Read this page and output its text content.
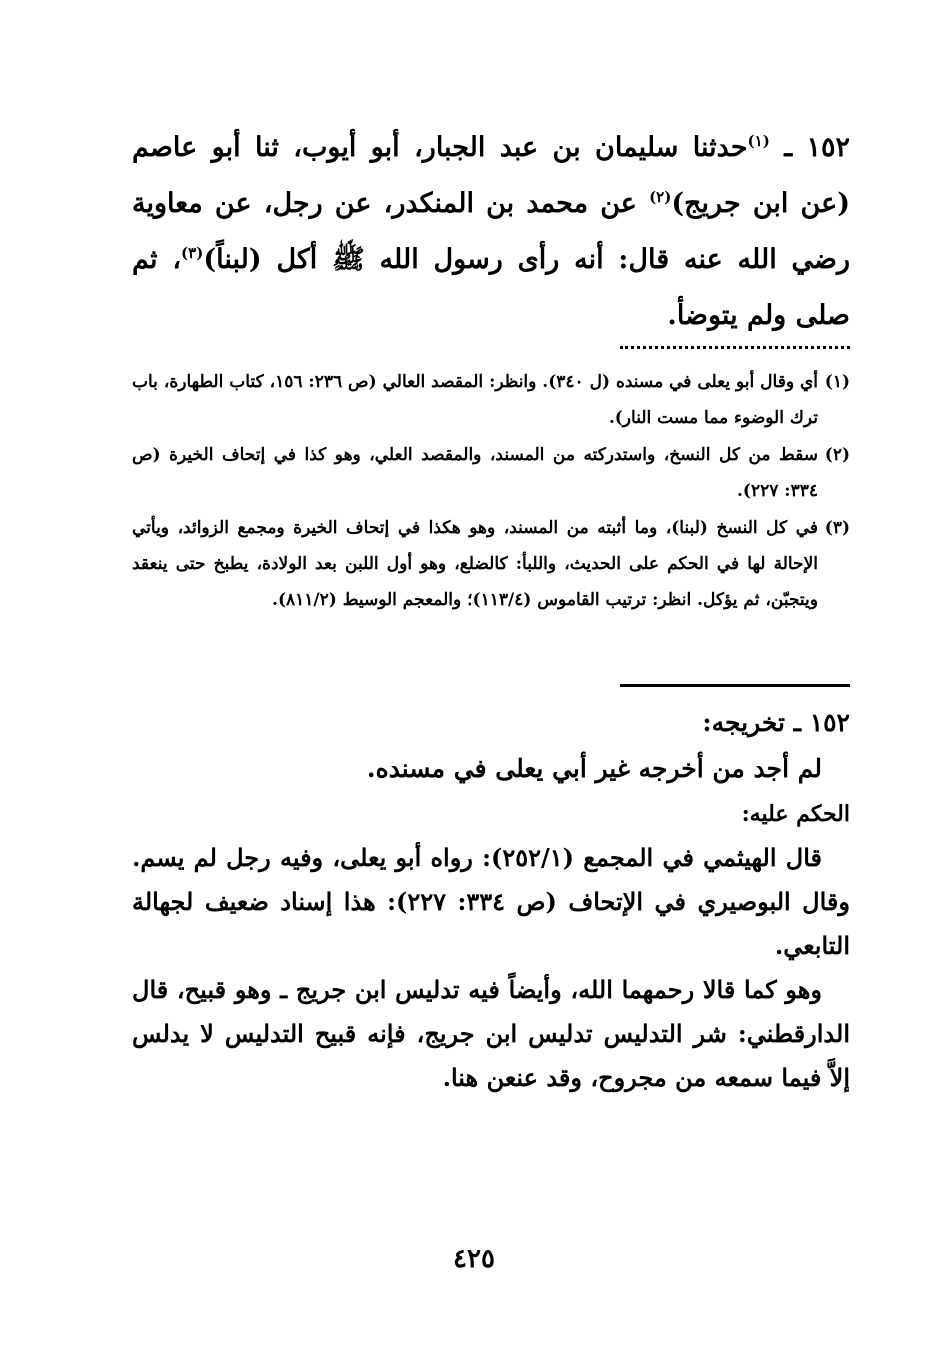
١٥٢ ـ $^{(١)}$حدثنا سليمان بن عبد الجبار، أبو أيوب، ثنا أبو عاصم (عن ابن جريج)$^{(٢)}$ عن محمد بن المنكدر، عن رجل، عن معاوية رضي الله عنه قال: أنه رأى رسول الله ﷺ أكل (لبناً)$^{(٣)}$، ثم صلى ولم يتوضأ.

(١)
أي وقال أبو يعلى في مسنده (ل ٣٤٠). وانظر: المقصد العالي (ص ٢٣٦: ١٥٦، كتاب الطهارة، باب ترك الوضوء مما مست النار).
(٢)
سقط من كل النسخ، واستدركته من المسند، والمقصد العلي، وهو كذا في إتحاف الخيرة (ص ٣٣٤: ٢٢٧).
(٣)
في كل النسخ (لبنا)، وما أثبته من المسند، وهو هكذا في إتحاف الخيرة ومجمع الزوائد، ويأتي الإحالة لها في الحكم على الحديث، واللبأ: كالضلع، وهو أول اللبن بعد الولادة، يطبخ حتى ينعقد ويتجبّن، ثم يؤكل. انظر: ترتيب القاموس (١١٣/٤)؛ والمعجم الوسيط (٨١١/٢).

١٥٢ ـ تخريجه:

لم أجد من أخرجه غير أبي يعلى في مسنده.

الحكم عليه:

قال الهيثمي في المجمع (٢٥٢/١): رواه أبو يعلى، وفيه رجل لم يسم. وقال البوصيري في الإتحاف (ص ٣٣٤: ٢٢٧): هذا إسناد ضعيف لجهالة التابعي.

وهو كما قالا رحمهما الله، وأيضاً فيه تدليس ابن جريج ـ وهو قبيح، قال الدارقطني: شر التدليس تدليس ابن جريج، فإنه قبيح التدليس لا يدلس إلاَّ فيما سمعه من مجروح، وقد عنعن هنا.

٤٢٥
